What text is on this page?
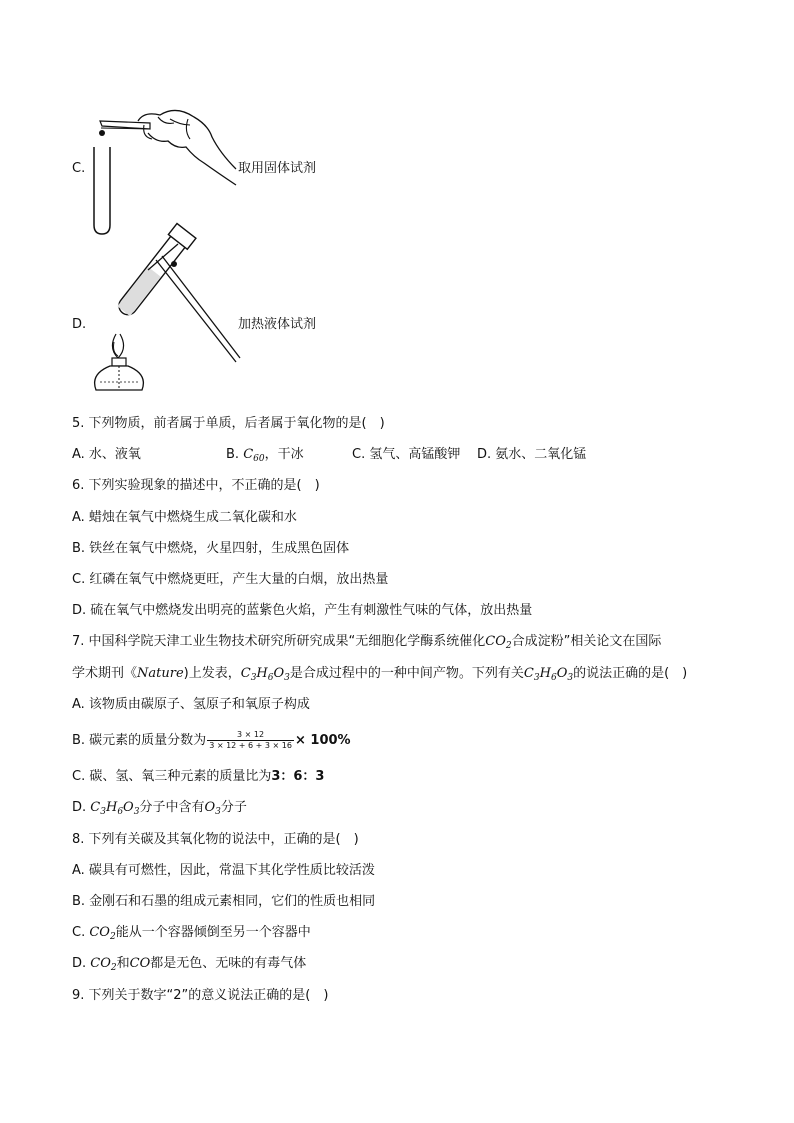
C.	取用固体试剂
D.	加热液体试剂
5. 下列物质，前者属于单质，后者属于氧化物的是( )
A. 水、液氧	B. $C_{60}$，干冰	C. 氢气、高锰酸钾 D. 氨水、二氧化锰
6. 下列实验现象的描述中，不正确的是( )
A. 蜡烛在氧气中燃烧生成二氧化碳和水
B. 铁丝在氧气中燃烧，火星四射，生成黑色固体
C. 红磷在氧气中燃烧更旺，产生大量的白烟，放出热量
D. 硫在氧气中燃烧发出明亮的蓝紫色火焰，产生有刺激性气味的气体，放出热量
7. 中国科学院天津工业生物技术研究所研究成果“无细胞化学酶系统催化$CO_2$合成淀粉”相关论文在国际
学术期刊《Nature)上发表，$C_3H_6O_3$是合成过程中的一种中间产物。下列有关$C_3H_6O_3$的说法正确的是( )
A. 该物质由碳原子、氢原子和氧原子构成
B. 碳元素的质量分数为 $\frac{3 \times 12}{3 \times 12 + 6 + 3 \times 16} \times 100\%$
C. 碳、氢、氧三种元素的质量比为3：6：3
D. $C_3H_6O_3$分子中含有$O_3$分子
8. 下列有关碳及其氧化物的说法中，正确的是( )
A. 碳具有可燃性，因此，常温下其化学性质比较活泼
B. 金刚石和石墨的组成元素相同，它们的性质也相同
C. $CO_2$能从一个容器倾倒至另一个容器中
D. $CO_2$和CO都是无色、无味的有毒气体
9. 下列关于数字“2”的意义说法正确的是( )
